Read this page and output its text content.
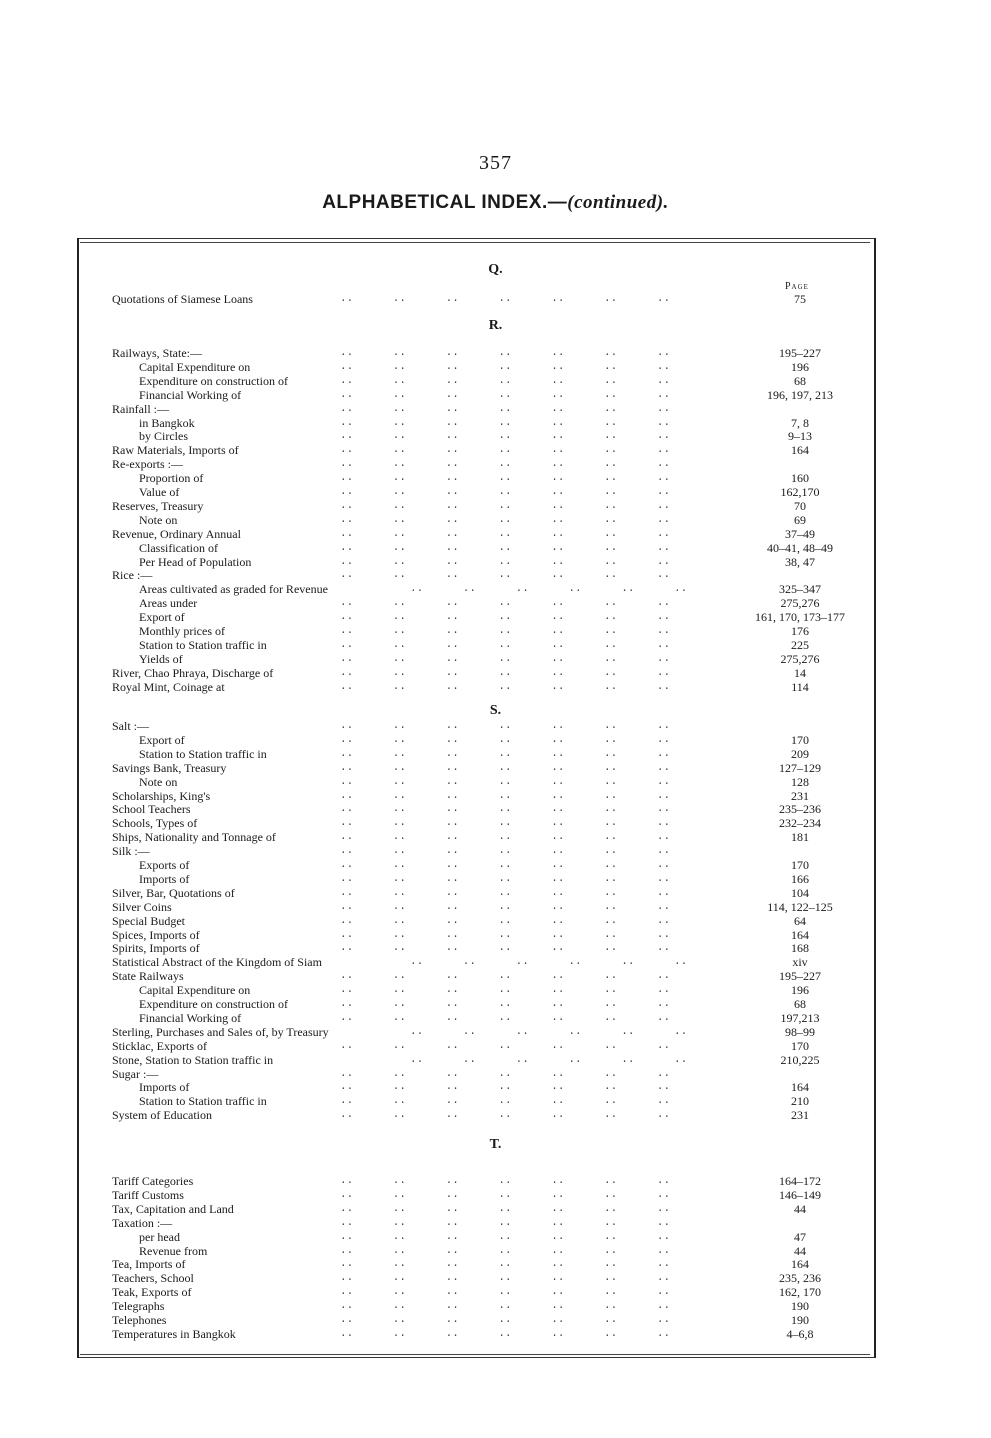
357
ALPHABETICAL INDEX.—(continued).
Page
Q.
Quotations of Siamese Loans	..      ..      ..      ..      ..      ..      ..	75
R.
Railways, State:—	..      ..      ..      ..      ..      ..      ..	195–227
Capital Expenditure on	..      ..      ..      ..      ..      ..      ..	196
Expenditure on construction of	..      ..      ..      ..      ..      ..      ..	68
Financial Working of	..      ..      ..      ..      ..      ..      ..	196, 197, 213
Rainfall :—	..      ..      ..      ..      ..      ..      ..
in Bangkok	..      ..      ..      ..      ..      ..      ..	7, 8
by Circles	..      ..      ..      ..      ..      ..      ..	9–13
Raw Materials, Imports of	..      ..      ..      ..      ..      ..      ..	164
Re-exports :—	..      ..      ..      ..      ..      ..      ..
Proportion of	..      ..      ..      ..      ..      ..      ..	160
Value of	..      ..      ..      ..      ..      ..      ..	162,170
Reserves, Treasury	..      ..      ..      ..      ..      ..      ..	70
Note on	..      ..      ..      ..      ..      ..      ..	69
Revenue, Ordinary Annual	..      ..      ..      ..      ..      ..      ..	37–49
Classification of	..      ..      ..      ..      ..      ..      ..	40–41, 48–49
Per Head of Population	..      ..      ..      ..      ..      ..      ..	38, 47
Rice :—	..      ..      ..      ..      ..      ..      ..
Areas cultivated as graded for Revenue	..      ..      ..      ..      ..      ..	325–347
Areas under	..      ..      ..      ..      ..      ..      ..	275,276
Export of	..      ..      ..      ..      ..      ..      ..	161, 170, 173–177
Monthly prices of	..      ..      ..      ..      ..      ..      ..	176
Station to Station traffic in	..      ..      ..      ..      ..      ..      ..	225
Yields of	..      ..      ..      ..      ..      ..      ..	275,276
River, Chao Phraya, Discharge of	..      ..      ..      ..      ..      ..      ..	14
Royal Mint, Coinage at	..      ..      ..      ..      ..      ..      ..	114
S.
Salt :—	..      ..      ..      ..      ..      ..      ..
Export of	..      ..      ..      ..      ..      ..      ..	170
Station to Station traffic in	..      ..      ..      ..      ..      ..      ..	209
Savings Bank, Treasury	..      ..      ..      ..      ..      ..      ..	127–129
Note on	..      ..      ..      ..      ..      ..      ..	128
Scholarships, King's	..      ..      ..      ..      ..      ..      ..	231
School Teachers	..      ..      ..      ..      ..      ..      ..	235–236
Schools, Types of	..      ..      ..      ..      ..      ..      ..	232–234
Ships, Nationality and Tonnage of	..      ..      ..      ..      ..      ..      ..	181
Silk :—	..      ..      ..      ..      ..      ..      ..
Exports of	..      ..      ..      ..      ..      ..      ..	170
Imports of	..      ..      ..      ..      ..      ..      ..	166
Silver, Bar, Quotations of	..      ..      ..      ..      ..      ..      ..	104
Silver Coins	..      ..      ..      ..      ..      ..      ..	114, 122–125
Special Budget	..      ..      ..      ..      ..      ..      ..	64
Spices, Imports of	..      ..      ..      ..      ..      ..      ..	164
Spirits, Imports of	..      ..      ..      ..      ..      ..      ..	168
Statistical Abstract of the Kingdom of Siam	..      ..      ..      ..      ..      ..	xiv
State Railways	..      ..      ..      ..      ..      ..      ..	195–227
Capital Expenditure on	..      ..      ..      ..      ..      ..      ..	196
Expenditure on construction of	..      ..      ..      ..      ..      ..      ..	68
Financial Working of	..      ..      ..      ..      ..      ..      ..	197,213
Sterling, Purchases and Sales of, by Treasury	..      ..      ..      ..      ..      ..	98–99
Sticklac, Exports of	..      ..      ..      ..      ..      ..      ..	170
Stone, Station to Station traffic in	..      ..      ..      ..      ..      ..	210,225
Sugar :—	..      ..      ..      ..      ..      ..      ..
Imports of	..      ..      ..      ..      ..      ..      ..	164
Station to Station traffic in	..      ..      ..      ..      ..      ..      ..	210
System of Education	..      ..      ..      ..      ..      ..      ..	231
T.
Tariff Categories	..      ..      ..      ..      ..      ..      ..	164–172
Tariff Customs	..      ..      ..      ..      ..      ..      ..	146–149
Tax, Capitation and Land	..      ..      ..      ..      ..      ..      ..	44
Taxation :—	..      ..      ..      ..      ..      ..      ..
per head	..      ..      ..      ..      ..      ..      ..	47
Revenue from	..      ..      ..      ..      ..      ..      ..	44
Tea, Imports of	..      ..      ..      ..      ..      ..      ..	164
Teachers, School	..      ..      ..      ..      ..      ..      ..	235, 236
Teak, Exports of	..      ..      ..      ..      ..      ..      ..	162, 170
Telegraphs	..      ..      ..      ..      ..      ..      ..	190
Telephones	..      ..      ..      ..      ..      ..      ..	190
Temperatures in Bangkok	..      ..      ..      ..      ..      ..      ..	4–6,8
